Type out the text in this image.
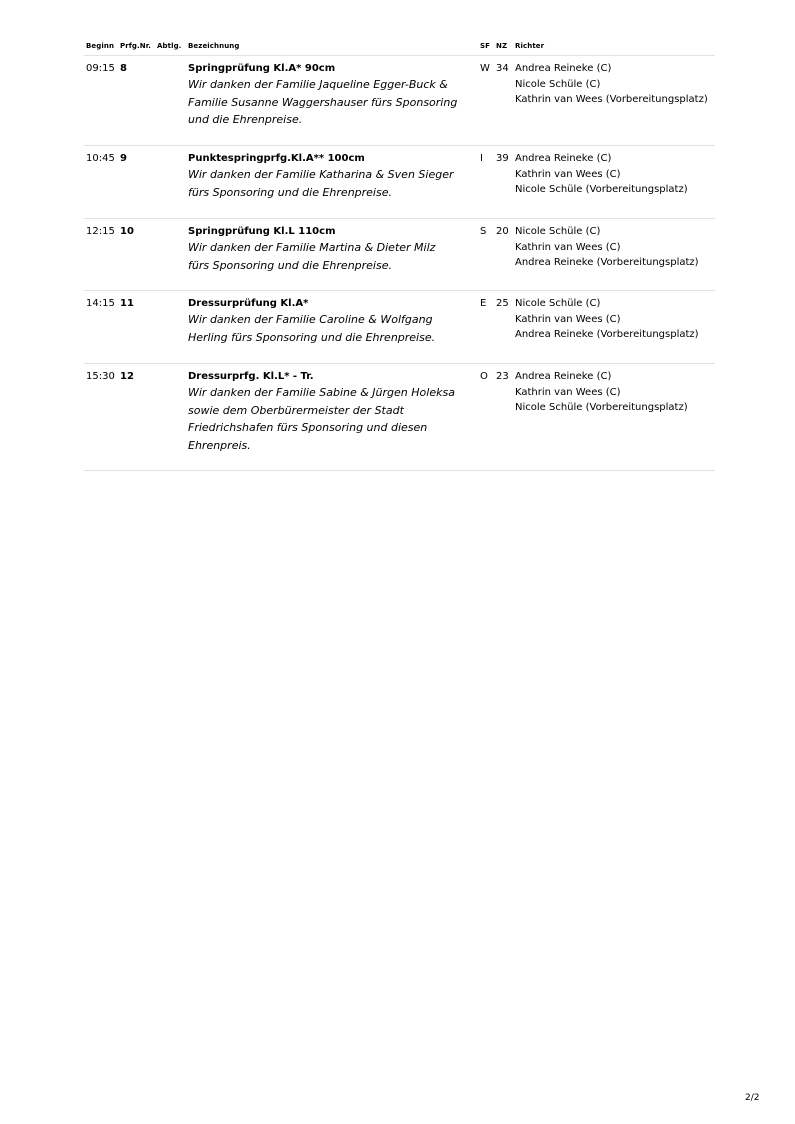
Beginn Prfg.Nr. Abtlg. Bezeichnung	SF NZ Richter
09:15 8	Springprüfung Kl.A* 90cm
Wir danken der Familie Jaqueline Egger-Buck &
Familie Susanne Waggershauser fürs Sponsoring
und die Ehrenpreise.
W 34 Andrea Reineke (C)
Nicole Schüle (C)
Kathrin van Wees (Vorbereitungsplatz)
10:45 9	Punktespringprfg.Kl.A** 100cm
Wir danken der Familie Katharina & Sven Sieger
fürs Sponsoring und die Ehrenpreise.
I 39 Andrea Reineke (C)
Kathrin van Wees (C)
Nicole Schüle (Vorbereitungsplatz)
12:15 10	Springprüfung Kl.L 110cm
Wir danken der Familie Martina & Dieter Milz
fürs Sponsoring und die Ehrenpreise.
S 20 Nicole Schüle (C)
Kathrin van Wees (C)
Andrea Reineke (Vorbereitungsplatz)
14:15 11	Dressurprüfung Kl.A*
Wir danken der Familie Caroline & Wolfgang
Herling fürs Sponsoring und die Ehrenpreise.
E 25 Nicole Schüle (C)
Kathrin van Wees (C)
Andrea Reineke (Vorbereitungsplatz)
15:30 12	Dressurprfg. Kl.L* - Tr.
Wir danken der Familie Sabine & Jürgen Holeksa
sowie dem Oberbürermeister der Stadt
Friedrichshafen fürs Sponsoring und diesen
Ehrenpreis.
O 23 Andrea Reineke (C)
Kathrin van Wees (C)
Nicole Schüle (Vorbereitungsplatz)
2/2
